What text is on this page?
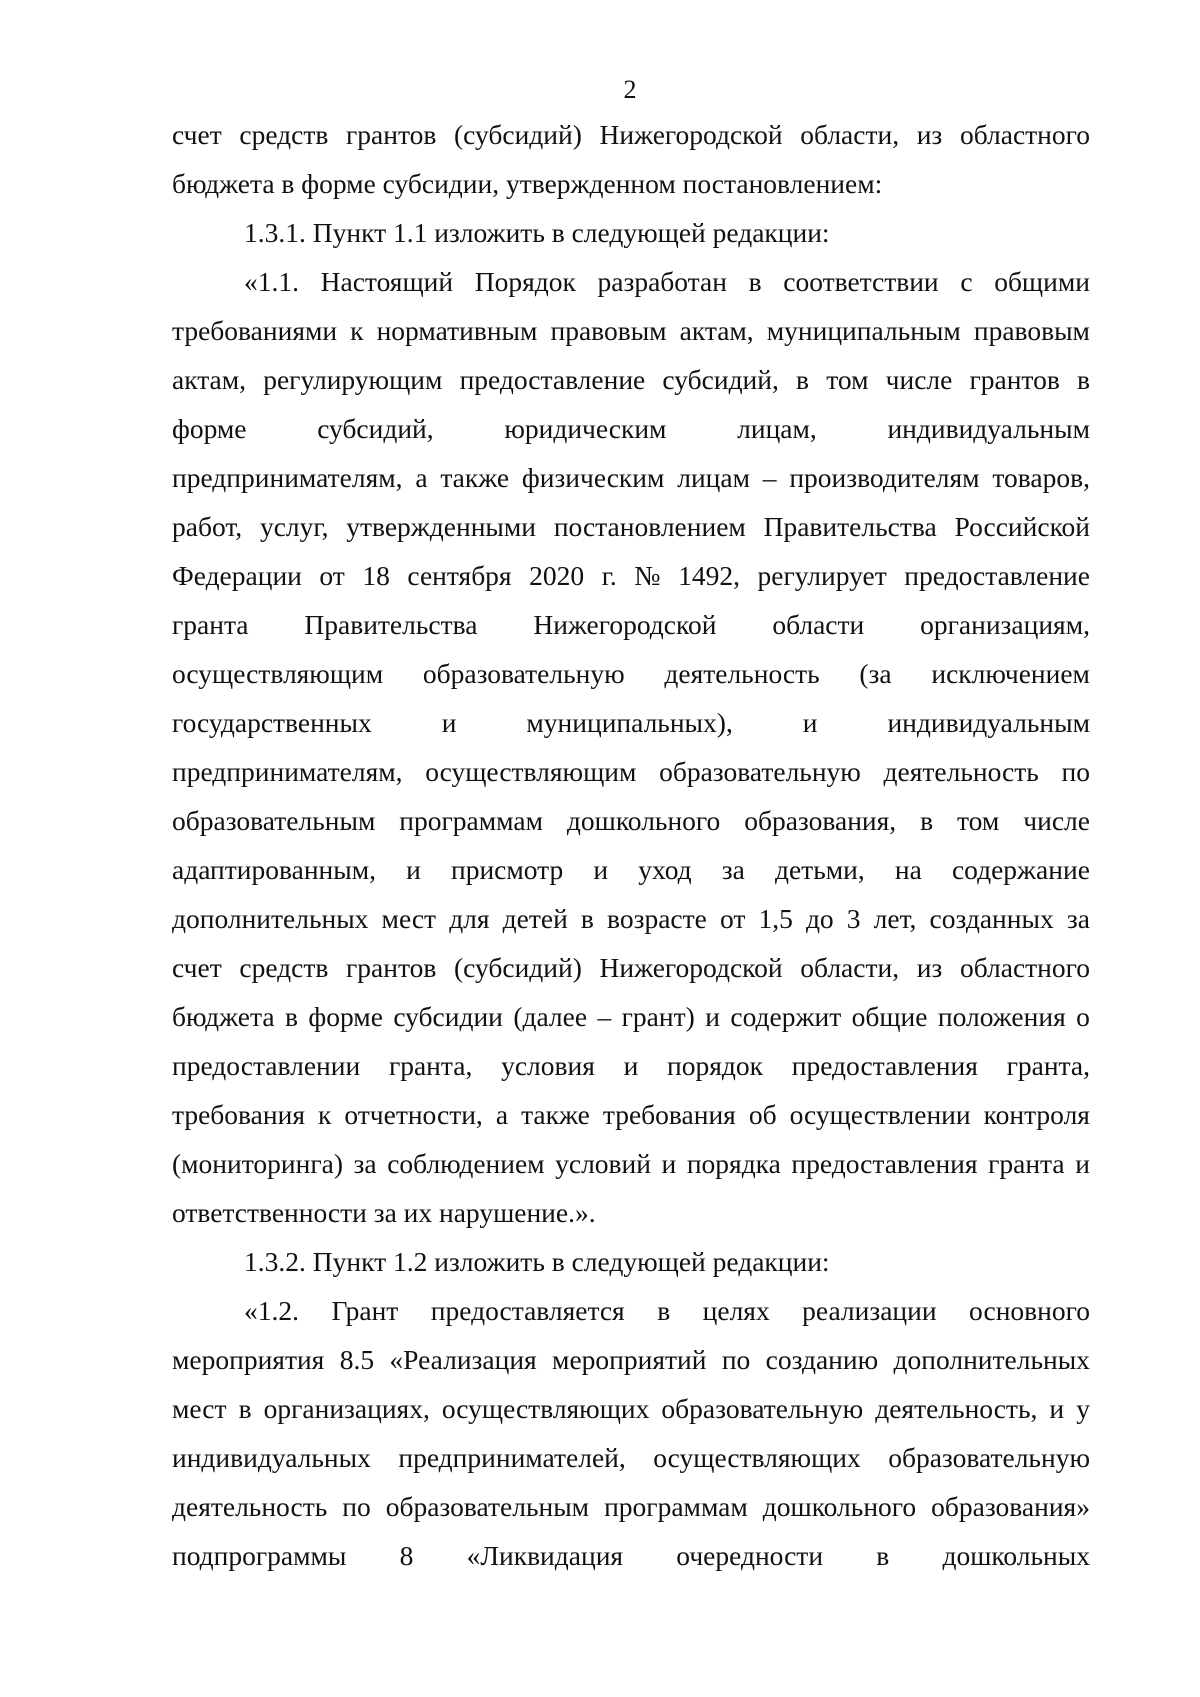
2
счет средств грантов (субсидий) Нижегородской области, из областного
бюджета в форме субсидии, утвержденном постановлением:
1.3.1. Пункт 1.1 изложить в следующей редакции:
«1.1. Настоящий Порядок разработан в соответствии с общими
требованиями к нормативным правовым актам, муниципальным правовым
актам, регулирующим предоставление субсидий, в том числе грантов в
форме	субсидий,	юридическим	лицам,	индивидуальным
предпринимателям, а также физическим лицам – производителям товаров,
работ, услуг, утвержденными постановлением Правительства Российской
Федерации от 18 сентября 2020 г. № 1492, регулирует предоставление
гранта Правительства Нижегородской области организациям,
осуществляющим образовательную деятельность (за исключением
государственных	и	муниципальных),	и	индивидуальным
предпринимателям, осуществляющим образовательную деятельность по
образовательным программам дошкольного образования, в том числе
адаптированным, и присмотр и уход за детьми, на содержание
дополнительных мест для детей в возрасте от 1,5 до 3 лет, созданных за
счет средств грантов (субсидий) Нижегородской области, из областного
бюджета в форме субсидии (далее – грант) и содержит общие положения о
предоставлении гранта, условия и порядок предоставления гранта,
требования к отчетности, а также требования об осуществлении контроля
(мониторинга) за соблюдением условий и порядка предоставления гранта и
ответственности за их нарушение.».
1.3.2. Пункт 1.2 изложить в следующей редакции:
«1.2. Грант предоставляется в целях реализации основного
мероприятия 8.5 «Реализация мероприятий по созданию дополнительных
мест в организациях, осуществляющих образовательную деятельность, и у
индивидуальных предпринимателей, осуществляющих образовательную
деятельность по образовательным программам дошкольного образования»
подпрограммы 8 «Ликвидация очередности в дошкольных
